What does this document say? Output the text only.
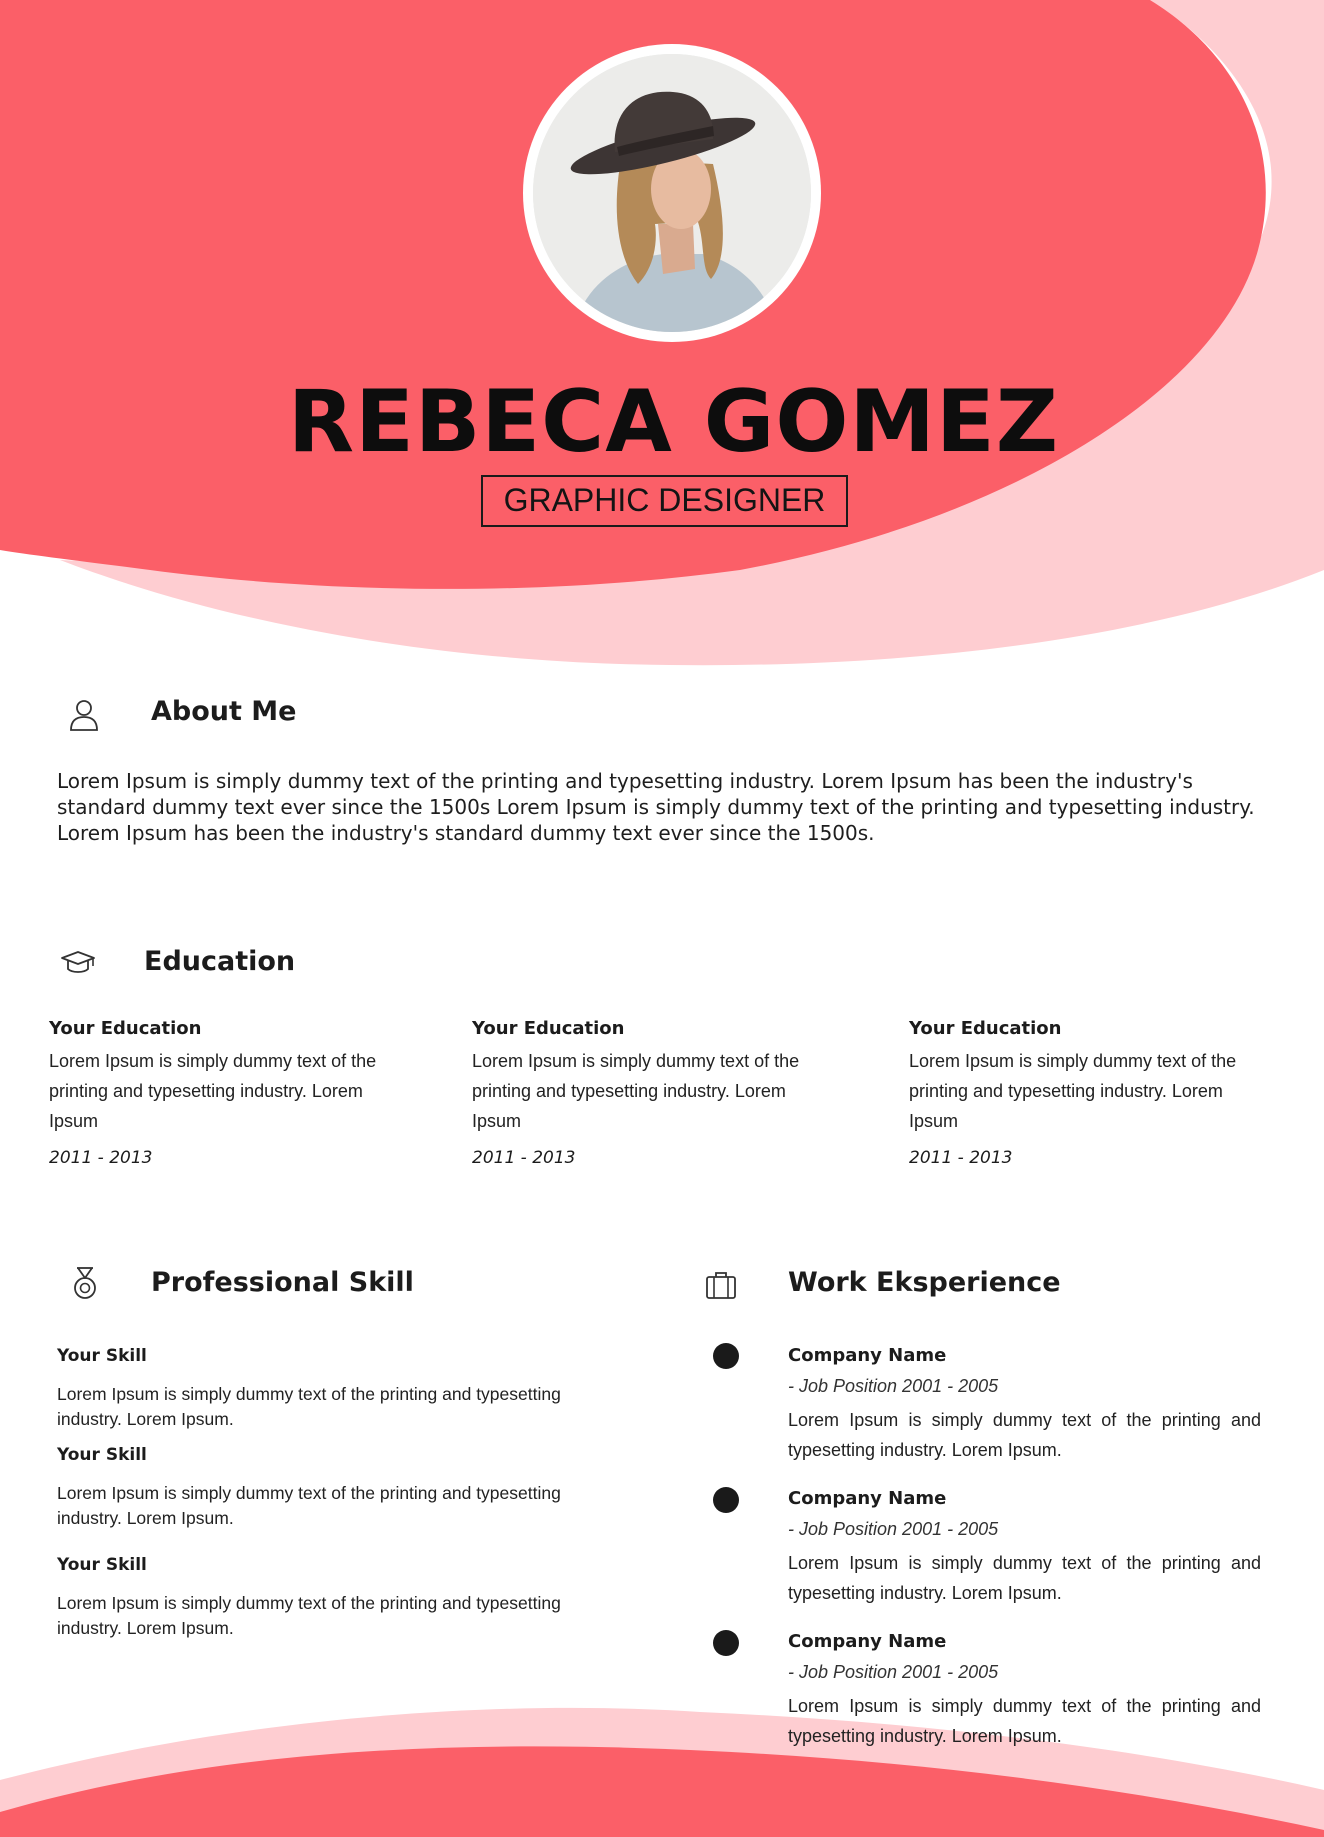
REBECA GOMEZ
GRAPHIC DESIGNER
About Me

Lorem Ipsum is simply dummy text of the printing and typesetting industry. Lorem Ipsum has been the industry's standard dummy text ever since the 1500s Lorem Ipsum is simply dummy text of the printing and typesetting industry. Lorem Ipsum has been the industry's standard dummy text ever since the 1500s.

Education
Your Education

Lorem Ipsum is simply dummy text of the printing and typesetting industry. Lorem Ipsum

2011 - 2013
Your Education

Lorem Ipsum is simply dummy text of the printing and typesetting industry. Lorem Ipsum

2011 - 2013
Your Education

Lorem Ipsum is simply dummy text of the printing and typesetting industry. Lorem Ipsum

2011 - 2013
Professional Skill
Your Skill

Lorem Ipsum is simply dummy text of the printing and typesetting industry. Lorem Ipsum.

Your Skill

Lorem Ipsum is simply dummy text of the printing and typesetting industry. Lorem Ipsum.

Your Skill

Lorem Ipsum is simply dummy text of the printing and typesetting industry. Lorem Ipsum.

Work Eksperience
Company Name
- Job Position 2001 - 2005

Lorem Ipsum is simply dummy text of the printing and typesetting industry. Lorem Ipsum.

Company Name
- Job Position 2001 - 2005

Lorem Ipsum is simply dummy text of the printing and typesetting industry. Lorem Ipsum.

Company Name
- Job Position 2001 - 2005

Lorem Ipsum is simply dummy text of the printing and typesetting industry. Lorem Ipsum.
